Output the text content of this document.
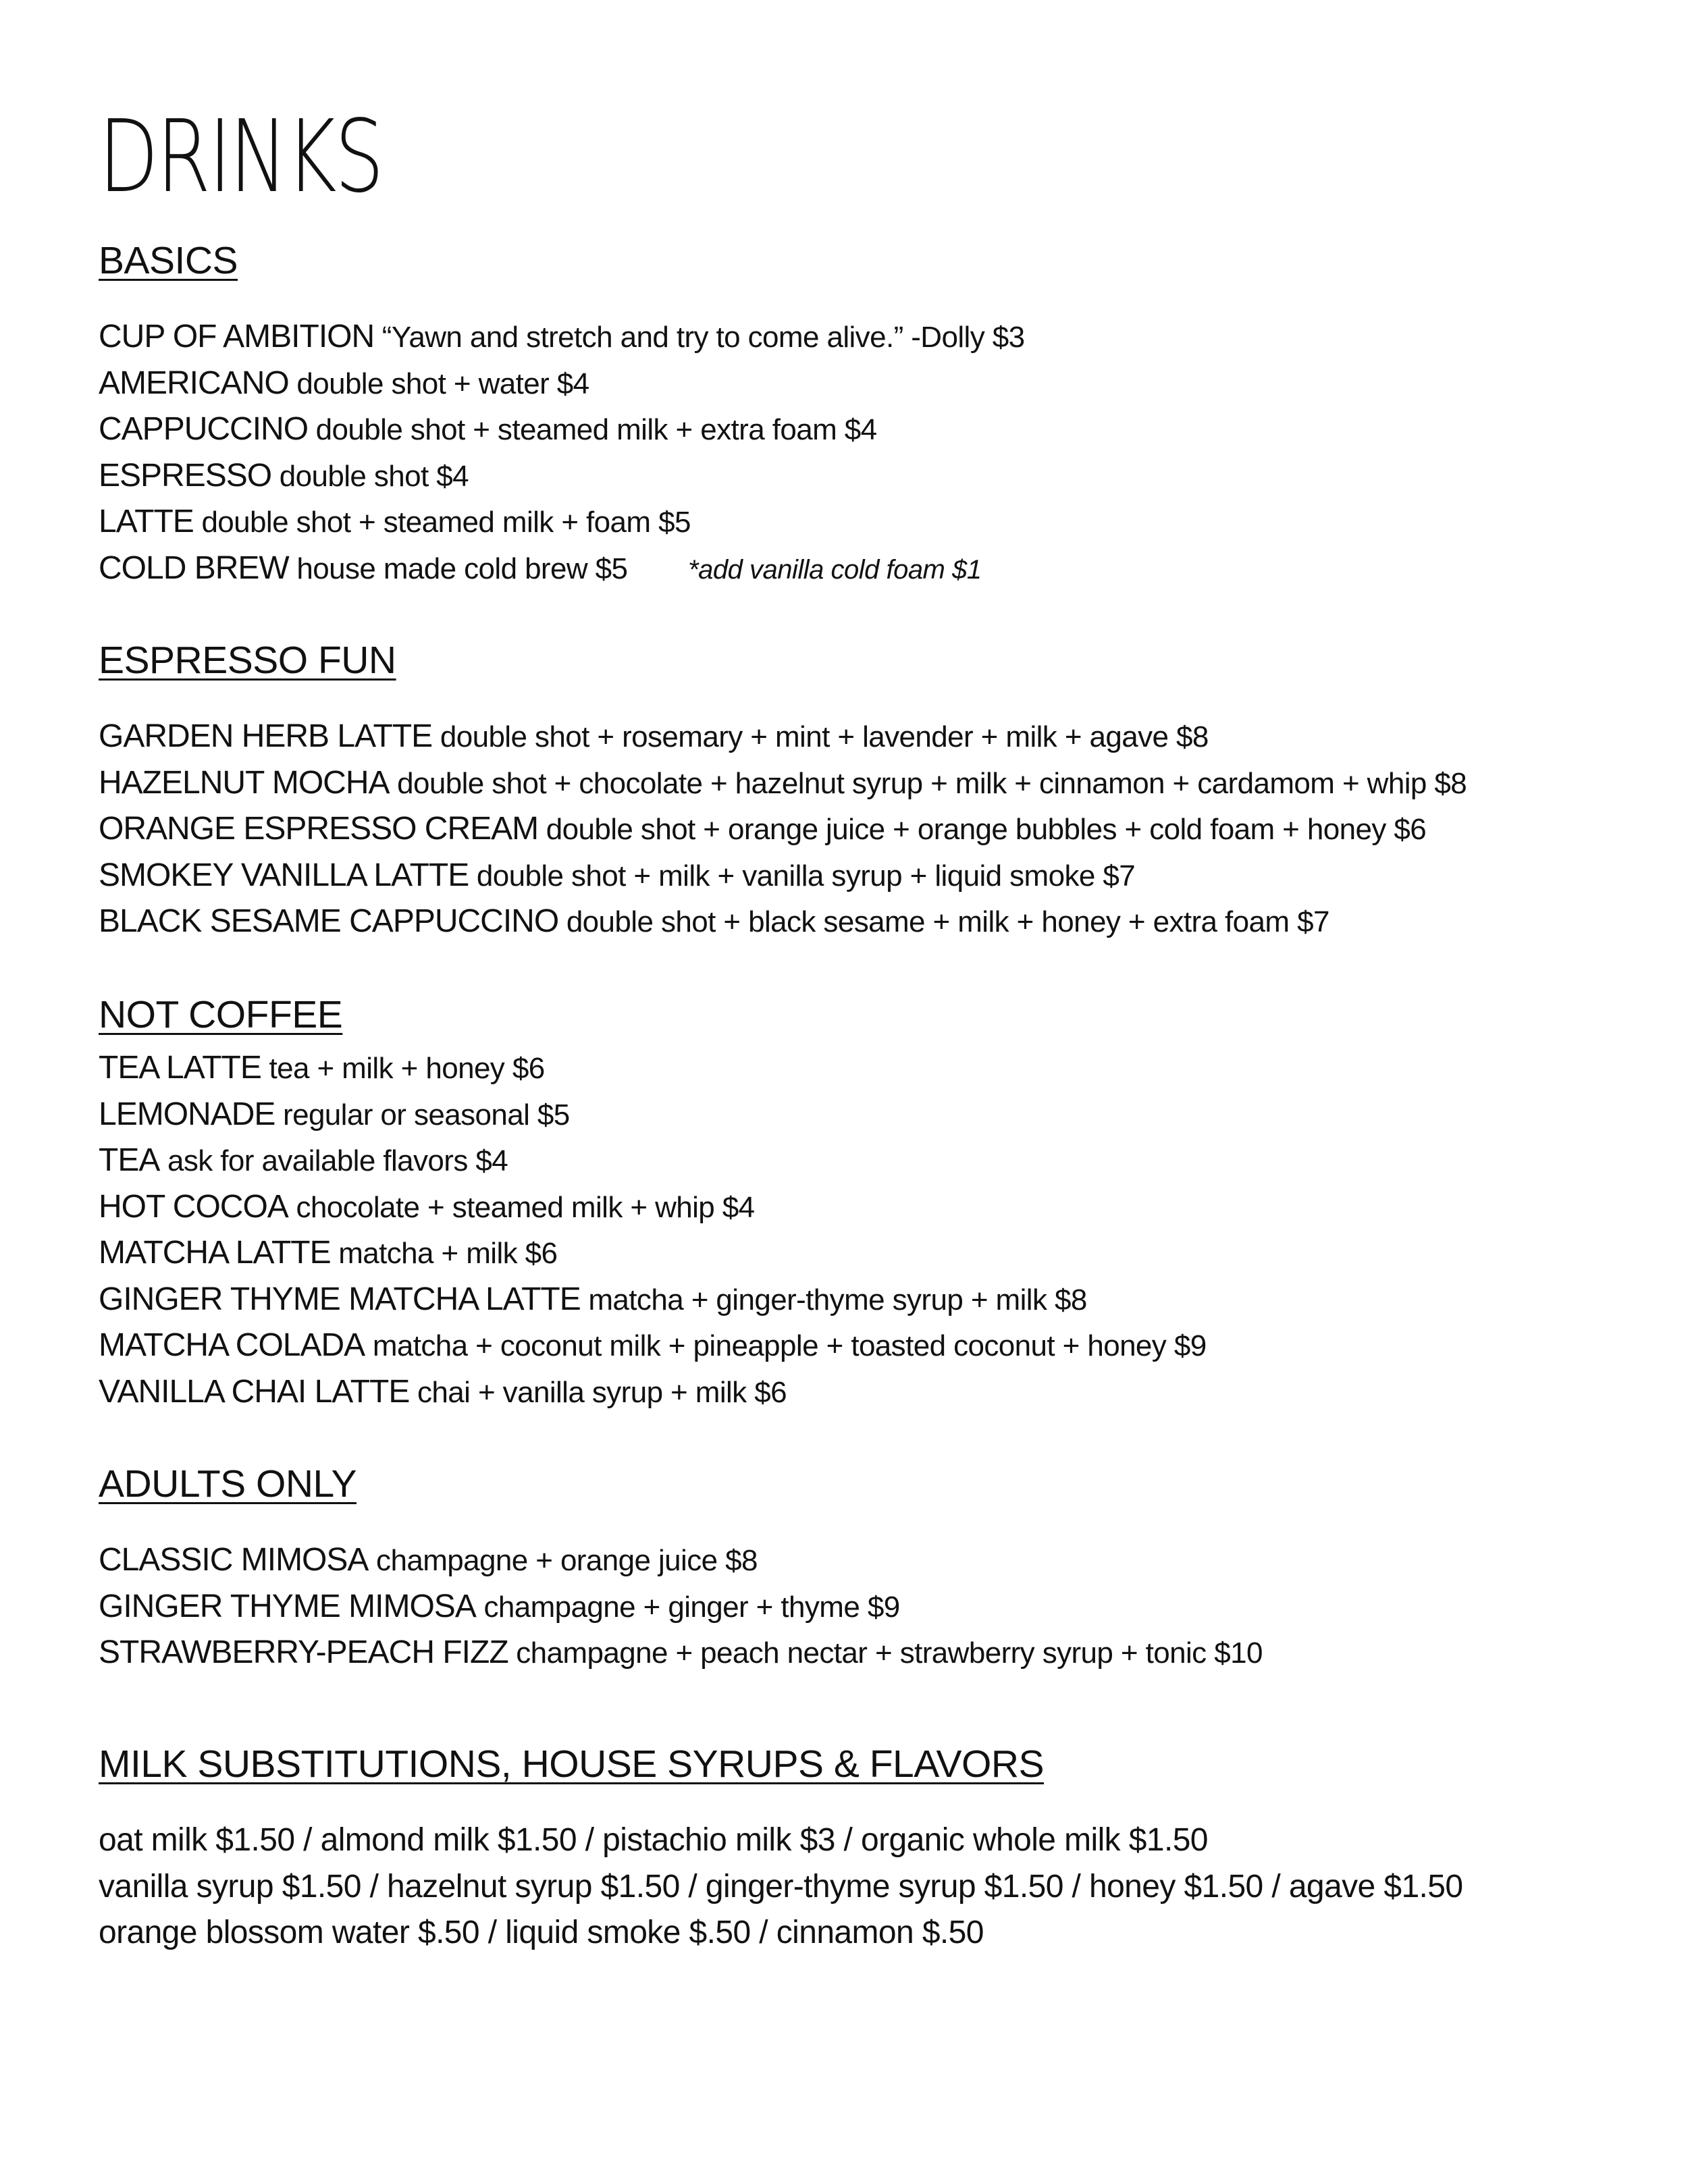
DRINKS
BASICS
CUP OF AMBITION “Yawn and stretch and try to come alive.” -Dolly $3
AMERICANO double shot + water $4
CAPPUCCINO double shot + steamed milk + extra foam $4
ESPRESSO double shot $4
LATTE double shot + steamed milk + foam $5
COLD BREW house made cold brew $5 *add vanilla cold foam $1
ESPRESSO FUN
GARDEN HERB LATTE double shot + rosemary + mint + lavender + milk + agave $8
HAZELNUT MOCHA double shot + chocolate + hazelnut syrup + milk + cinnamon + cardamom + whip $8
ORANGE ESPRESSO CREAM double shot + orange juice + orange bubbles + cold foam + honey $6
SMOKEY VANILLA LATTE double shot + milk + vanilla syrup + liquid smoke $7
BLACK SESAME CAPPUCCINO double shot + black sesame + milk + honey + extra foam $7
NOT COFFEE
TEA LATTE tea + milk + honey $6
LEMONADE regular or seasonal $5
TEA ask for available flavors $4
HOT COCOA chocolate + steamed milk + whip $4
MATCHA LATTE matcha + milk $6
GINGER THYME MATCHA LATTE matcha + ginger-thyme syrup + milk $8
MATCHA COLADA matcha + coconut milk + pineapple + toasted coconut + honey $9
VANILLA CHAI LATTE chai + vanilla syrup + milk $6
ADULTS ONLY
CLASSIC MIMOSA champagne + orange juice $8
GINGER THYME MIMOSA champagne + ginger + thyme $9
STRAWBERRY-PEACH FIZZ champagne + peach nectar + strawberry syrup + tonic $10
MILK SUBSTITUTIONS, HOUSE SYRUPS & FLAVORS
oat milk $1.50 / almond milk $1.50 / pistachio milk $3 / organic whole milk $1.50
vanilla syrup $1.50 / hazelnut syrup $1.50 / ginger-thyme syrup $1.50 / honey $1.50 / agave $1.50
orange blossom water $.50 / liquid smoke $.50 / cinnamon $.50
